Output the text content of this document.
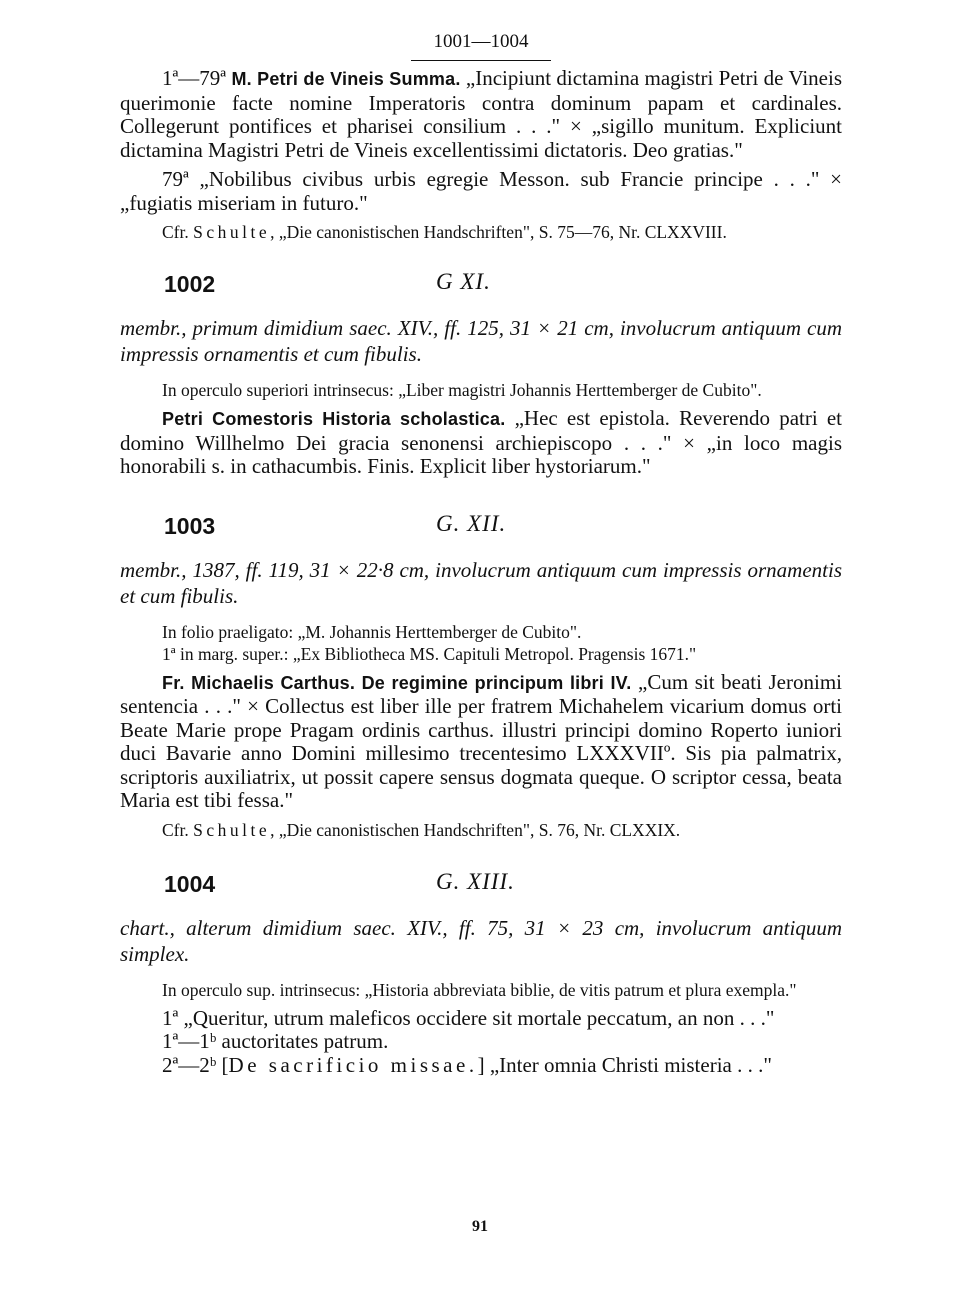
1001—1004

1ª—79ª M. Petri de Vineis Summa. „Incipiunt dictamina magistri Petri de Vineis querimonie facte nomine Imperatoris contra dominum papam et cardinales. Collegerunt pontifices et pharisei consilium . . ." × „sigillo munitum. Expliciunt dictamina Magistri Petri de Vineis excellentissimi dictatoris. Deo gratias."

79ª „Nobilibus civibus urbis egregie Messon. sub Francie principe . . ." × „fugiatis miseriam in futuro."

Cfr. Schulte, „Die canonistischen Handschriften", S. 75—76, Nr. CLXXVIII.

1002	G XI.

membr., primum dimidium saec. XIV., ff. 125, 31 × 21 cm, involucrum antiquum cum impressis ornamentis et cum fibulis.

In operculo superiori intrinsecus: „Liber magistri Johannis Herttemberger de Cubito".

Petri Comestoris Historia scholastica. „Hec est epistola. Reverendo patri et domino Willhelmo Dei gracia senonensi archiepiscopo . . ." × „in loco magis honorabili s. in cathacumbis. Finis. Explicit liber hystoriarum."

1003	G. XII.

membr., 1387, ff. 119, 31 × 22·8 cm, involucrum antiquum cum impressis ornamentis et cum fibulis.

In folio praeligato: „M. Johannis Herttemberger de Cubito".

1ª in marg. super.: „Ex Bibliotheca MS. Capituli Metropol. Pragensis 1671."

Fr. Michaelis Carthus. De regimine principum libri IV. „Cum sit beati Jeronimi sentencia . . ." × Collectus est liber ille per fratrem Michahelem vicarium domus orti Beate Marie prope Pragam ordinis carthus. illustri principi domino Roperto iuniori duci Bavarie anno Domini millesimo trecentesimo LXXXVIIº. Sis pia palmatrix, scriptoris auxiliatrix, ut possit capere sensus dogmata queque. O scriptor cessa, beata Maria est tibi fessa."

Cfr. Schulte, „Die canonistischen Handschriften", S. 76, Nr. CLXXIX.

1004	G. XIII.

chart., alterum dimidium saec. XIV., ff. 75, 31 × 23 cm, involucrum antiquum simplex.

In operculo sup. intrinsecus: „Historia abbreviata biblie, de vitis patrum et plura exempla."

1ª „Queritur, utrum maleficos occidere sit mortale peccatum, an non . . ."

1ª—1ᵇ auctoritates patrum.

2ª—2ᵇ [De sacrificio missae.] „Inter omnia Christi misteria . . ."

91
